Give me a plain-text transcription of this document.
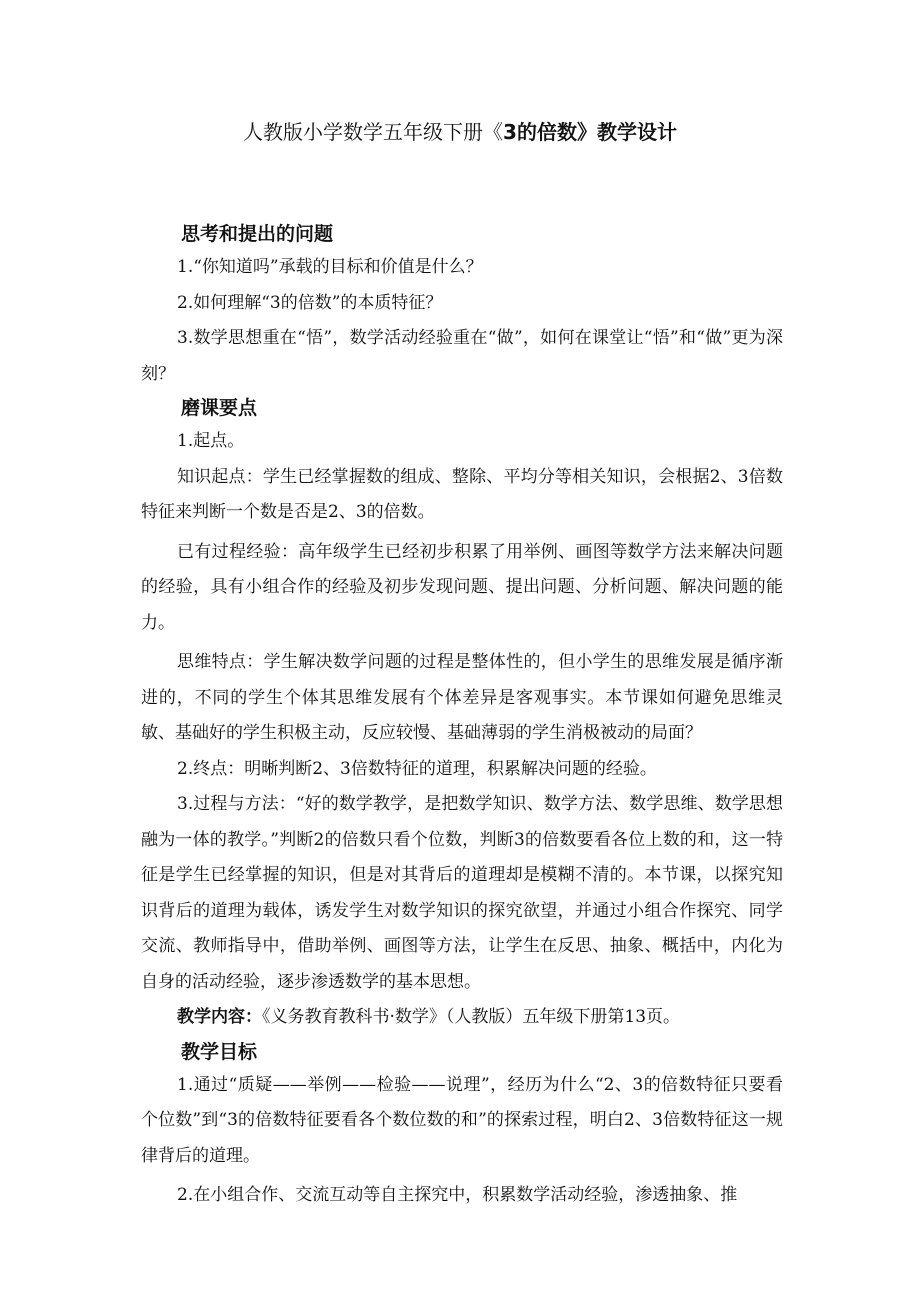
人教版小学数学五年级下册《3的倍数》教学设计
思考和提出的问题

1.“你知道吗”承载的目标和价值是什么？

2.如何理解“3的倍数”的本质特征？

3.数学思想重在“悟”，数学活动经验重在“做”，如何在课堂让“悟”和“做”更为深刻？

磨课要点

1.起点。

知识起点：学生已经掌握数的组成、整除、平均分等相关知识，会根据2、3倍数特征来判断一个数是否是2、3的倍数。

已有过程经验：高年级学生已经初步积累了用举例、画图等数学方法来解决问题的经验，具有小组合作的经验及初步发现问题、提出问题、分析问题、解决问题的能力。

思维特点：学生解决数学问题的过程是整体性的，但小学生的思维发展是循序渐进的，不同的学生个体其思维发展有个体差异是客观事实。本节课如何避免思维灵敏、基础好的学生积极主动，反应较慢、基础薄弱的学生消极被动的局面？

2.终点：明晰判断2、3倍数特征的道理，积累解决问题的经验。

3.过程与方法：“好的数学教学，是把数学知识、数学方法、数学思维、数学思想融为一体的教学。”判断2的倍数只看个位数，判断3的倍数要看各位上数的和，这一特征是学生已经掌握的知识，但是对其背后的道理却是模糊不清的。本节课，以探究知识背后的道理为载体，诱发学生对数学知识的探究欲望，并通过小组合作探究、同学交流、教师指导中，借助举例、画图等方法，让学生在反思、抽象、概括中，内化为自身的活动经验，逐步渗透数学的基本思想。

教学内容：《义务教育教科书·数学》（人教版）五年级下册第13页。

教学目标

1.通过“质疑——举例——检验——说理”，经历为什么“2、3的倍数特征只要看个位数”到“3的倍数特征要看各个数位数的和”的探索过程，明白2、3倍数特征这一规律背后的道理。

2.在小组合作、交流互动等自主探究中，积累数学活动经验，渗透抽象、推
